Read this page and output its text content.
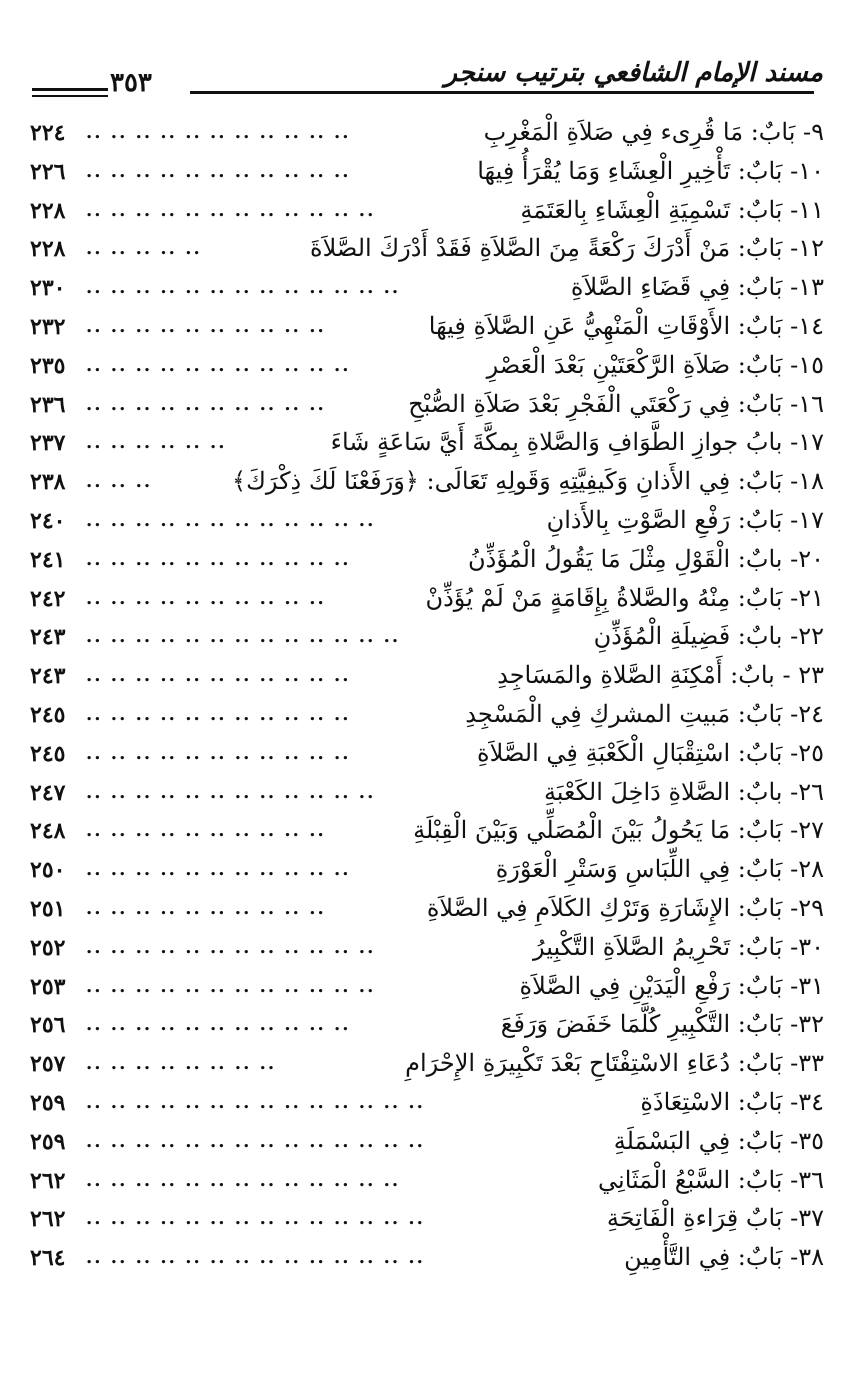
مسند الإمام الشافعي بترتيب سنجر
٣٥٣
٢٢٤ .. .. .. .. .. .. .. .. .. .. ..	٩- بَابٌ: مَا قُرِىء فِي صَلاَةِ الْمَغْرِبِ
٢٢٦ .. .. .. .. .. .. .. .. .. .. ..	١٠- بَابٌ: تَأْخِيرِ الْعِشَاءِ وَمَا يُقْرَأُ فِيهَا
٢٢٨ .. .. .. .. .. .. .. .. .. .. .. ..	١١- بَابٌ: تَسْمِيَةِ الْعِشَاءِ بِالعَتَمَةِ
٢٢٨ .. .. .. .. ..	١٢- بَابٌ: مَنْ أَدْرَكَ رَكْعَةً مِنَ الصَّلاَةِ فَقَدْ أَدْرَكَ الصَّلاَةَ
٢٣٠ .. .. .. .. .. .. .. .. .. .. .. .. ..	١٣- بَابٌ: فِي قَضَاءِ الصَّلاَةِ
٢٣٢ .. .. .. .. .. .. .. .. .. ..	١٤- بَابٌ: الأَوْقَاتِ الْمَنْهِيُّ عَنِ الصَّلاَةِ فِيهَا
٢٣٥ .. .. .. .. .. .. .. .. .. .. ..	١٥- بَابٌ: صَلاَةِ الرَّكْعَتَيْنِ بَعْدَ الْعَصْرِ
٢٣٦ .. .. .. .. .. .. .. .. .. ..	١٦- بَابٌ: فِي رَكْعَتَي الْفَجْرِ بَعْدَ صَلاَةِ الصُّبْحِ
٢٣٧ .. .. .. .. .. ..	١٧- بابُ جوازِ الطَّوَافِ وَالصَّلاةِ بِمكَّةَ أَيَّ سَاعَةٍ شَاءَ
٢٣٨ .. .. ..	١٨- بَابٌ: فِي الأَذانِ وَكَيفِيَّتِهِ وَقَولِهِ تَعَالَى: ﴿وَرَفَعْنَا لَكَ ذِكْرَكَ﴾
٢٤٠ .. .. .. .. .. .. .. .. .. .. .. ..	١٧- بَابٌ: رَفْعِ الصَّوْتِ بِالأَذانِ
٢٤١ .. .. .. .. .. .. .. .. .. .. ..	٢٠- بابٌ: الْقَوْلِ مِثْلَ مَا يَقُولُ الْمُؤَذِّنُ
٢٤٢ .. .. .. .. .. .. .. .. .. ..	٢١- بَابٌ: مِنْهُ والصَّلاةُ بِإِقَامَةٍ مَنْ لَمْ يُؤَذِّنْ
٢٤٣ .. .. .. .. .. .. .. .. .. .. .. .. ..	٢٢- بابٌ: فَضِيلَةِ الْمُؤَذِّنِ
٢٤٣ .. .. .. .. .. .. .. .. .. .. ..	٢٣ - بابٌ: أَمْكِنَةِ الصَّلاةِ والمَسَاجِدِ
٢٤٥ .. .. .. .. .. .. .. .. .. .. ..	٢٤- بَابٌ: مَبيتِ المشركِ فِي الْمَسْجِدِ
٢٤٥ .. .. .. .. .. .. .. .. .. .. ..	٢٥- بَابٌ: اسْتِقْبَالِ الْكَعْبَةِ فِي الصَّلاَةِ
٢٤٧ .. .. .. .. .. .. .. .. .. .. .. ..	٢٦- بابٌ: الصَّلاةِ دَاخِلَ الكَعْبَةِ
٢٤٨ .. .. .. .. .. .. .. .. .. ..	٢٧- بَابٌ: مَا يَحُولُ بَيْنَ الْمُصَلِّي وَبَيْنَ الْقِبْلَةِ
٢٥٠ .. .. .. .. .. .. .. .. .. .. ..	٢٨- بَابٌ: فِي اللِّبَاسِ وَسَتْرِ الْعَوْرَةِ
٢٥١ .. .. .. .. .. .. .. .. .. ..	٢٩- بَابٌ: الإِشَارَةِ وَتَرْكِ الكَلاَمِ فِي الصَّلاَةِ
٢٥٢ .. .. .. .. .. .. .. .. .. .. .. ..	٣٠- بَابٌ: تَحْرِيمُ الصَّلاَةِ التَّكْبِيرُ
٢٥٣ .. .. .. .. .. .. .. .. .. .. .. ..	٣١- بَابٌ: رَفْعِ الْيَدَيْنِ فِي الصَّلاَةِ
٢٥٦ .. .. .. .. .. .. .. .. .. .. ..	٣٢- بَابٌ: التَّكْبِيرِ كُلَّمَا خَفَضَ وَرَفَعَ
٢٥٧ .. .. .. .. .. .. .. ..	٣٣- بَابٌ: دُعَاءِ الاسْتِفْتَاحِ بَعْدَ تَكْبِيرَةِ الإِحْرَامِ
٢٥٩ .. .. .. .. .. .. .. .. .. .. .. .. .. ..	٣٤- بَابٌ: الاسْتِعَاذَةِ
٢٥٩ .. .. .. .. .. .. .. .. .. .. .. .. .. ..	٣٥- بَابٌ: فِي البَسْمَلَةِ
٢٦٢ .. .. .. .. .. .. .. .. .. .. .. .. ..	٣٦- بَابٌ: السَّبْعُ الْمَثَانِي
٢٦٢ .. .. .. .. .. .. .. .. .. .. .. .. .. ..	٣٧- بَابٌ قِرَاءةِ الْفَاتِحَةِ
٢٦٤ .. .. .. .. .. .. .. .. .. .. .. .. .. ..	٣٨- بَابٌ: فِي التَّأْمِينِ
